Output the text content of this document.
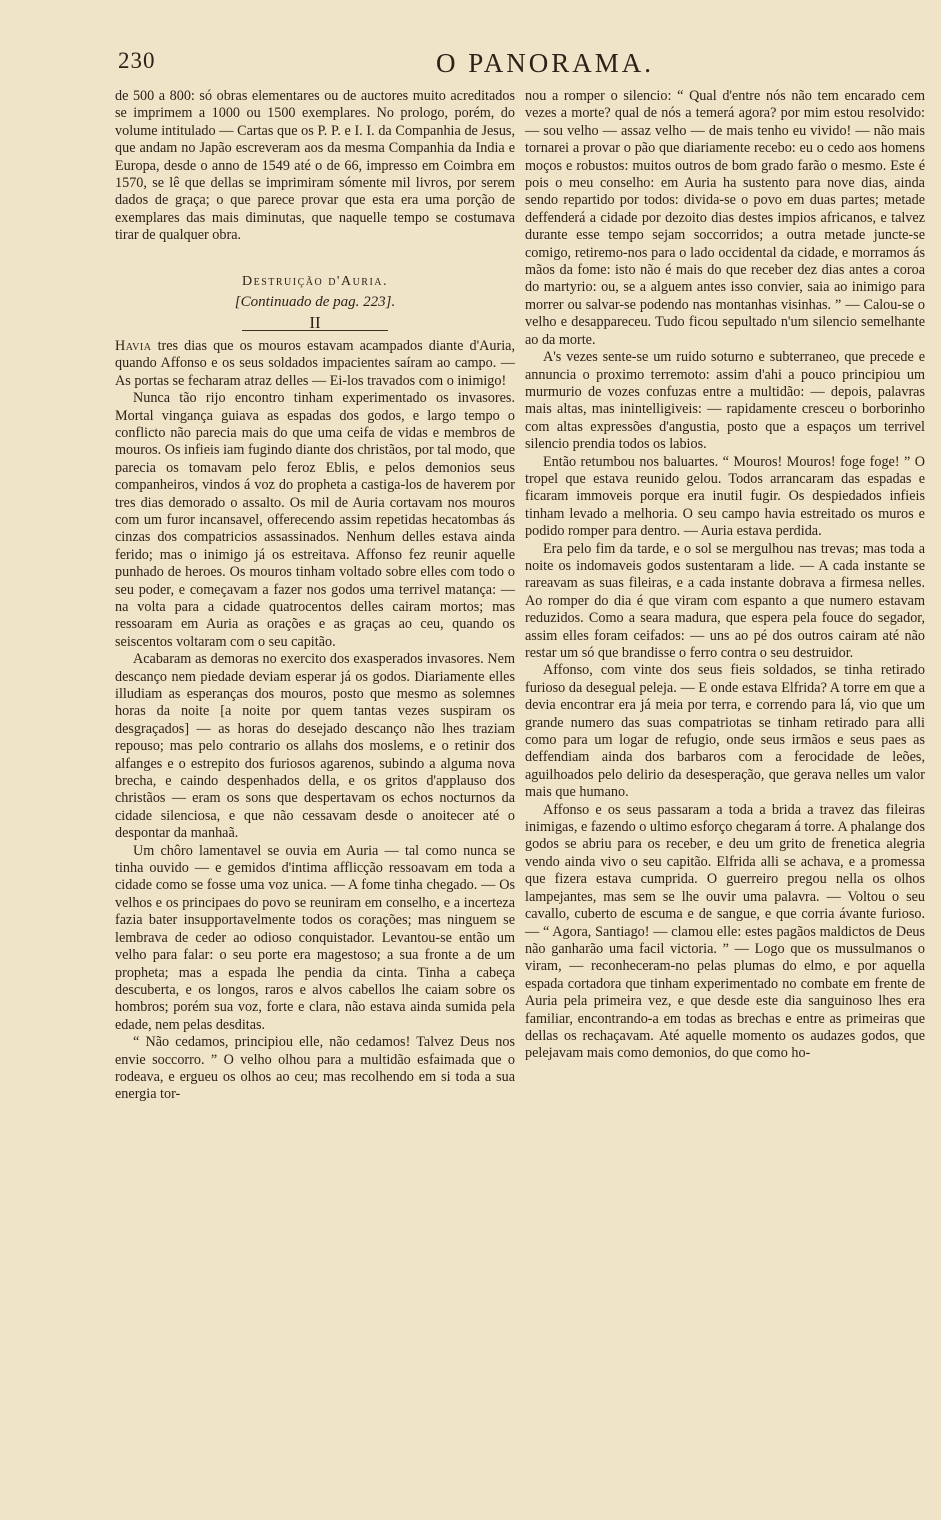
230	O PANORAMA.

de 500 a 800: só obras elementares ou de auctores muito acreditados se imprimem a 1000 ou 1500 exemplares. No prologo, porém, do volume intitulado — Cartas que os P. P. e I. I. da Companhia de Jesus, que andam no Japão escreveram aos da mesma Companhia da India e Europa, desde o anno de 1549 até o de 66, impresso em Coimbra em 1570, se lê que dellas se imprimiram sómente mil livros, por serem dados de graça; o que parece provar que esta era uma porção de exemplares das mais diminutas, que naquelle tempo se costumava tirar de qualquer obra.

Destruição d'Auria.
[Continuado de pag. 223].
II

Havia tres dias que os mouros estavam acampados diante d'Auria, quando Affonso e os seus soldados impacientes saíram ao campo. — As portas se fecharam atraz delles — Ei-los travados com o inimigo!

Nunca tão rijo encontro tinham experimentado os invasores. Mortal vingança guiava as espadas dos godos, e largo tempo o conflicto não parecia mais do que uma ceifa de vidas e membros de mouros. Os infieis iam fugindo diante dos christãos, por tal modo, que parecia os tomavam pelo feroz Eblis, e pelos demonios seus companheiros, vindos á voz do propheta a castiga-los de haverem por tres dias demorado o assalto. Os mil de Auria cortavam nos mouros com um furor incansavel, offerecendo assim repetidas hecatombas ás cinzas dos compatricios assassinados. Nenhum delles estava ainda ferido; mas o inimigo já os estreitava. Affonso fez reunir aquelle punhado de heroes. Os mouros tinham voltado sobre elles com todo o seu poder, e começavam a fazer nos godos uma terrivel matança: — na volta para a cidade quatrocentos delles cairam mortos; mas ressoaram em Auria as orações e as graças ao ceu, quando os seiscentos voltaram com o seu capitão.

Acabaram as demoras no exercito dos exasperados invasores. Nem descanço nem piedade deviam esperar já os godos. Diariamente elles illudiam as esperanças dos mouros, posto que mesmo as solemnes horas da noite [a noite por quem tantas vezes suspiram os desgraçados] — as horas do desejado descanço não lhes traziam repouso; mas pelo contrario os allahs dos moslems, e o retinir dos alfanges e o estrepito dos furiosos agarenos, subindo a alguma nova brecha, e caindo despenhados della, e os gritos d'applauso dos christãos — eram os sons que despertavam os echos nocturnos da cidade silenciosa, e que não cessavam desde o anoitecer até o despontar da manhaã.

Um chôro lamentavel se ouvia em Auria — tal como nunca se tinha ouvido — e gemidos d'intima afflicção ressoavam em toda a cidade como se fosse uma voz unica. — A fome tinha chegado. — Os velhos e os principaes do povo se reuniram em conselho, e a incerteza fazia bater insupportavelmente todos os corações; mas ninguem se lembrava de ceder ao odioso conquistador. Levantou-se então um velho para falar: o seu porte era magestoso; a sua fronte a de um propheta; mas a espada lhe pendia da cinta. Tinha a cabeça descuberta, e os longos, raros e alvos cabellos lhe caiam sobre os hombros; porém sua voz, forte e clara, não estava ainda sumida pela edade, nem pelas desditas.

“ Não cedamos, principiou elle, não cedamos! Talvez Deus nos envie soccorro. ” O velho olhou para a multidão esfaimada que o rodeava, e ergueu os olhos ao ceu; mas recolhendo em si toda a sua energia tor-

nou a romper o silencio: “ Qual d'entre nós não tem encarado cem vezes a morte? qual de nós a temerá agora? por mim estou resolvido: — sou velho — assaz velho — de mais tenho eu vivido! — não mais tornarei a provar o pão que diariamente recebo: eu o cedo aos homens moços e robustos: muitos outros de bom grado farão o mesmo. Este é pois o meu conselho: em Auria ha sustento para nove dias, ainda sendo repartido por todos: divida-se o povo em duas partes; metade deffenderá a cidade por dezoito dias destes impios africanos, e talvez durante esse tempo sejam soccorridos; a outra metade juncte-se comigo, retiremo-nos para o lado occidental da cidade, e morramos ás mãos da fome: isto não é mais do que receber dez dias antes a coroa do martyrio: ou, se a alguem antes isso convier, saia ao inimigo para morrer ou salvar-se podendo nas montanhas visinhas. ” — Calou-se o velho e desappareceu. Tudo ficou sepultado n'um silencio semelhante ao da morte.

A's vezes sente-se um ruido soturno e subterraneo, que precede e annuncia o proximo terremoto: assim d'ahi a pouco principiou um murmurio de vozes confuzas entre a multidão: — depois, palavras mais altas, mas inintelligiveis: — rapidamente cresceu o borborinho com altas expressões d'angustia, posto que a espaços um terrivel silencio prendia todos os labios.

Então retumbou nos baluartes. “ Mouros! Mouros! foge foge! ” O tropel que estava reunido gelou. Todos arrancaram das espadas e ficaram immoveis porque era inutil fugir. Os despiedados infieis tinham levado a melhoria. O seu campo havia estreitado os muros e podido romper para dentro. — Auria estava perdida.

Era pelo fim da tarde, e o sol se mergulhou nas trevas; mas toda a noite os indomaveis godos sustentaram a lide. — A cada instante se rareavam as suas fileiras, e a cada instante dobrava a firmesa nelles. Ao romper do dia é que viram com espanto a que numero estavam reduzidos. Como a seara madura, que espera pela fouce do segador, assim elles foram ceifados: — uns ao pé dos outros cairam até não restar um só que brandisse o ferro contra o seu destruidor.

Affonso, com vinte dos seus fieis soldados, se tinha retirado furioso da desegual peleja. — E onde estava Elfrida? A torre em que a devia encontrar era já meia por terra, e correndo para lá, vio que um grande numero das suas compatriotas se tinham retirado para alli como para um logar de refugio, onde seus irmãos e seus paes as deffendiam ainda dos barbaros com a ferocidade de leões, aguilhoados pelo delirio da desesperação, que gerava nelles um valor mais que humano.

Affonso e os seus passaram a toda a brida a travez das fileiras inimigas, e fazendo o ultimo esforço chegaram á torre. A phalange dos godos se abriu para os receber, e deu um grito de frenetica alegria vendo ainda vivo o seu capitão. Elfrida alli se achava, e a promessa que fizera estava cumprida. O guerreiro pregou nella os olhos lampejantes, mas sem se lhe ouvir uma palavra. — Voltou o seu cavallo, cuberto de escuma e de sangue, e que corria ávante furioso. — “ Agora, Santiago! — clamou elle: estes pagãos maldictos de Deus não ganharão uma facil victoria. ” — Logo que os mussulmanos o viram, — reconheceram-no pelas plumas do elmo, e por aquella espada cortadora que tinham experimentado no combate em frente de Auria pela primeira vez, e que desde este dia sanguinoso lhes era familiar, encontrando-a em todas as brechas e entre as primeiras que dellas os rechaçavam. Até aquelle momento os audazes godos, que pelejavam mais como demonios, do que como ho-
